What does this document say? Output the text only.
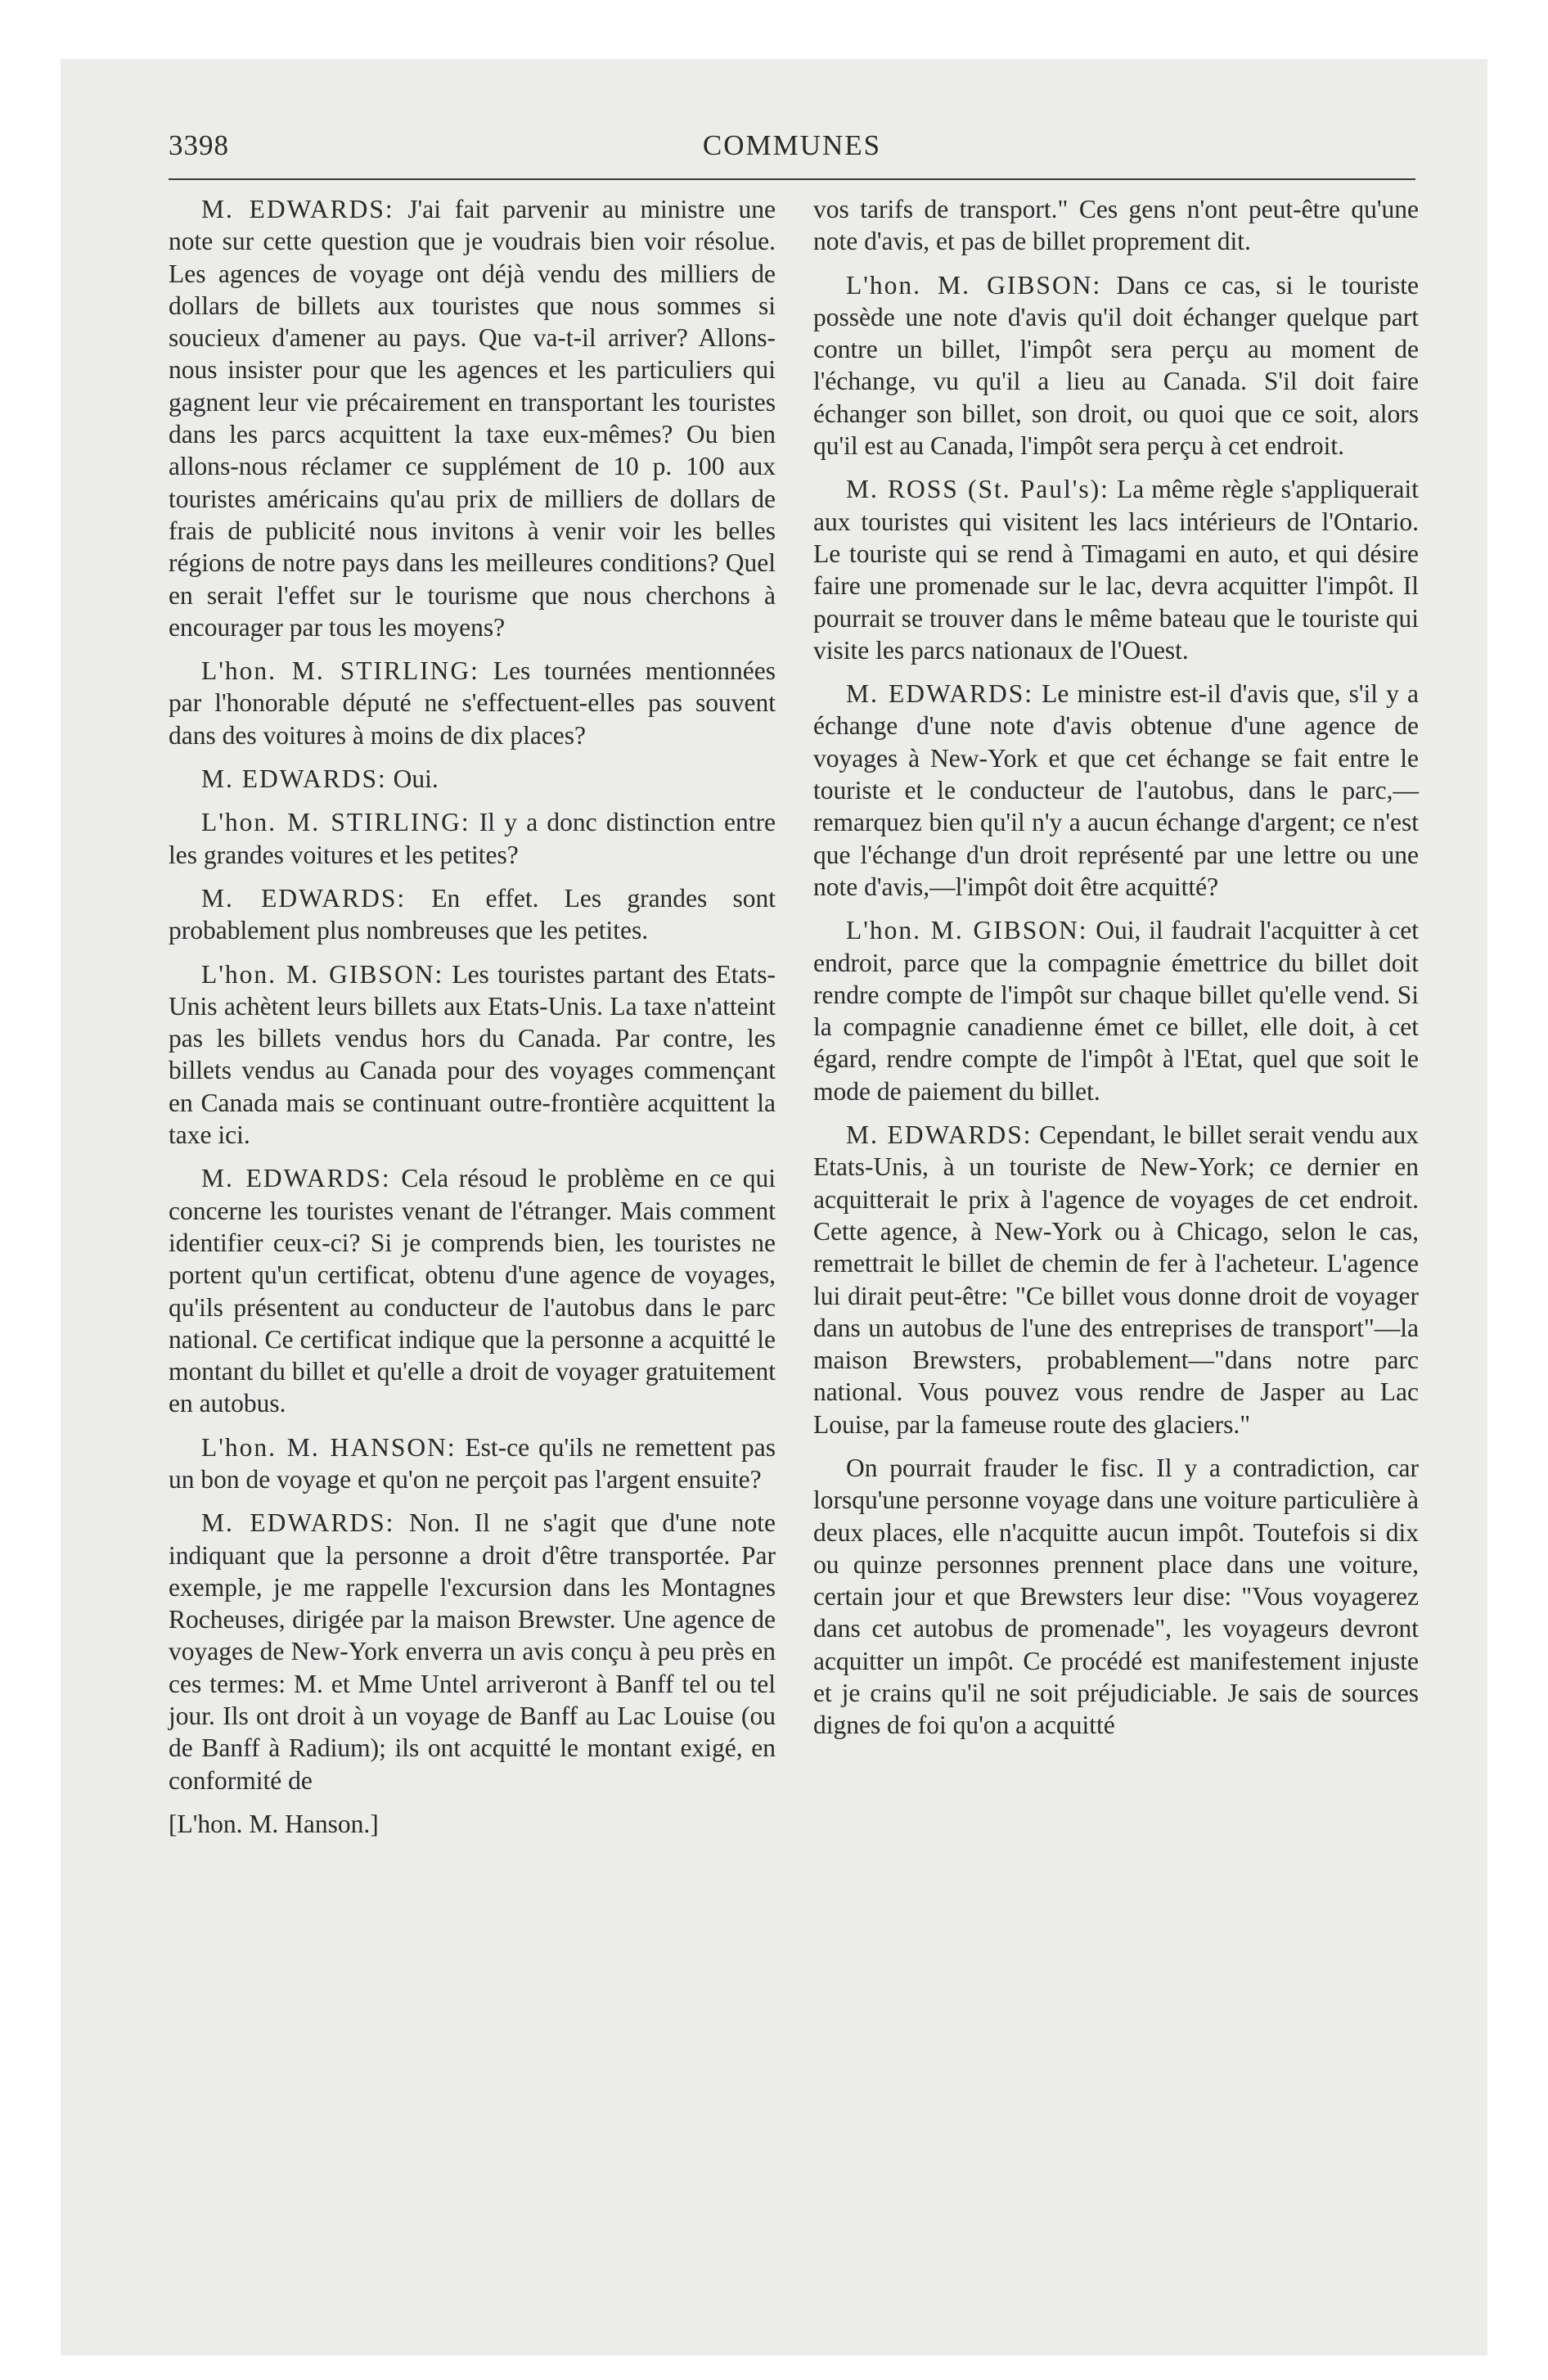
3398	COMMUNES

M. EDWARDS: J'ai fait parvenir au ministre une note sur cette question que je voudrais bien voir résolue. Les agences de voyage ont déjà vendu des milliers de dollars de billets aux touristes que nous sommes si soucieux d'amener au pays. Que va-t-il arriver? Allons-nous insister pour que les agences et les particuliers qui gagnent leur vie précairement en transportant les touristes dans les parcs acquittent la taxe eux-mêmes? Ou bien allons-nous réclamer ce supplément de 10 p. 100 aux touristes américains qu'au prix de milliers de dollars de frais de publicité nous invitons à venir voir les belles régions de notre pays dans les meilleures conditions? Quel en serait l'effet sur le tourisme que nous cherchons à encourager par tous les moyens?

L'hon. M. STIRLING: Les tournées mentionnées par l'honorable député ne s'effectuent-elles pas souvent dans des voitures à moins de dix places?

M. EDWARDS: Oui.

L'hon. M. STIRLING: Il y a donc distinction entre les grandes voitures et les petites?

M. EDWARDS: En effet. Les grandes sont probablement plus nombreuses que les petites.

L'hon. M. GIBSON: Les touristes partant des Etats-Unis achètent leurs billets aux Etats-Unis. La taxe n'atteint pas les billets vendus hors du Canada. Par contre, les billets vendus au Canada pour des voyages commençant en Canada mais se continuant outre-frontière acquittent la taxe ici.

M. EDWARDS: Cela résoud le problème en ce qui concerne les touristes venant de l'étranger. Mais comment identifier ceux-ci? Si je comprends bien, les touristes ne portent qu'un certificat, obtenu d'une agence de voyages, qu'ils présentent au conducteur de l'autobus dans le parc national. Ce certificat indique que la personne a acquitté le montant du billet et qu'elle a droit de voyager gratuitement en autobus.

L'hon. M. HANSON: Est-ce qu'ils ne remettent pas un bon de voyage et qu'on ne perçoit pas l'argent ensuite?

M. EDWARDS: Non. Il ne s'agit que d'une note indiquant que la personne a droit d'être transportée. Par exemple, je me rappelle l'excursion dans les Montagnes Rocheuses, dirigée par la maison Brewster. Une agence de voyages de New-York enverra un avis conçu à peu près en ces termes: M. et Mme Untel arriveront à Banff tel ou tel jour. Ils ont droit à un voyage de Banff au Lac Louise (ou de Banff à Radium); ils ont acquitté le montant exigé, en conformité de

[L'hon. M. Hanson.]

vos tarifs de transport." Ces gens n'ont peut-être qu'une note d'avis, et pas de billet proprement dit.

L'hon. M. GIBSON: Dans ce cas, si le touriste possède une note d'avis qu'il doit échanger quelque part contre un billet, l'impôt sera perçu au moment de l'échange, vu qu'il a lieu au Canada. S'il doit faire échanger son billet, son droit, ou quoi que ce soit, alors qu'il est au Canada, l'impôt sera perçu à cet endroit.

M. ROSS (St. Paul's): La même règle s'appliquerait aux touristes qui visitent les lacs intérieurs de l'Ontario. Le touriste qui se rend à Timagami en auto, et qui désire faire une promenade sur le lac, devra acquitter l'impôt. Il pourrait se trouver dans le même bateau que le touriste qui visite les parcs nationaux de l'Ouest.

M. EDWARDS: Le ministre est-il d'avis que, s'il y a échange d'une note d'avis obtenue d'une agence de voyages à New-York et que cet échange se fait entre le touriste et le conducteur de l'autobus, dans le parc,—remarquez bien qu'il n'y a aucun échange d'argent; ce n'est que l'échange d'un droit représenté par une lettre ou une note d'avis,—l'impôt doit être acquitté?

L'hon. M. GIBSON: Oui, il faudrait l'acquitter à cet endroit, parce que la compagnie émettrice du billet doit rendre compte de l'impôt sur chaque billet qu'elle vend. Si la compagnie canadienne émet ce billet, elle doit, à cet égard, rendre compte de l'impôt à l'Etat, quel que soit le mode de paiement du billet.

M. EDWARDS: Cependant, le billet serait vendu aux Etats-Unis, à un touriste de New-York; ce dernier en acquitterait le prix à l'agence de voyages de cet endroit. Cette agence, à New-York ou à Chicago, selon le cas, remettrait le billet de chemin de fer à l'acheteur. L'agence lui dirait peut-être: "Ce billet vous donne droit de voyager dans un autobus de l'une des entreprises de transport"—la maison Brewsters, probablement—"dans notre parc national. Vous pouvez vous rendre de Jasper au Lac Louise, par la fameuse route des glaciers."

On pourrait frauder le fisc. Il y a contradiction, car lorsqu'une personne voyage dans une voiture particulière à deux places, elle n'acquitte aucun impôt. Toutefois si dix ou quinze personnes prennent place dans une voiture, certain jour et que Brewsters leur dise: "Vous voyagerez dans cet autobus de promenade", les voyageurs devront acquitter un impôt. Ce procédé est manifestement injuste et je crains qu'il ne soit préjudiciable. Je sais de sources dignes de foi qu'on a acquitté
